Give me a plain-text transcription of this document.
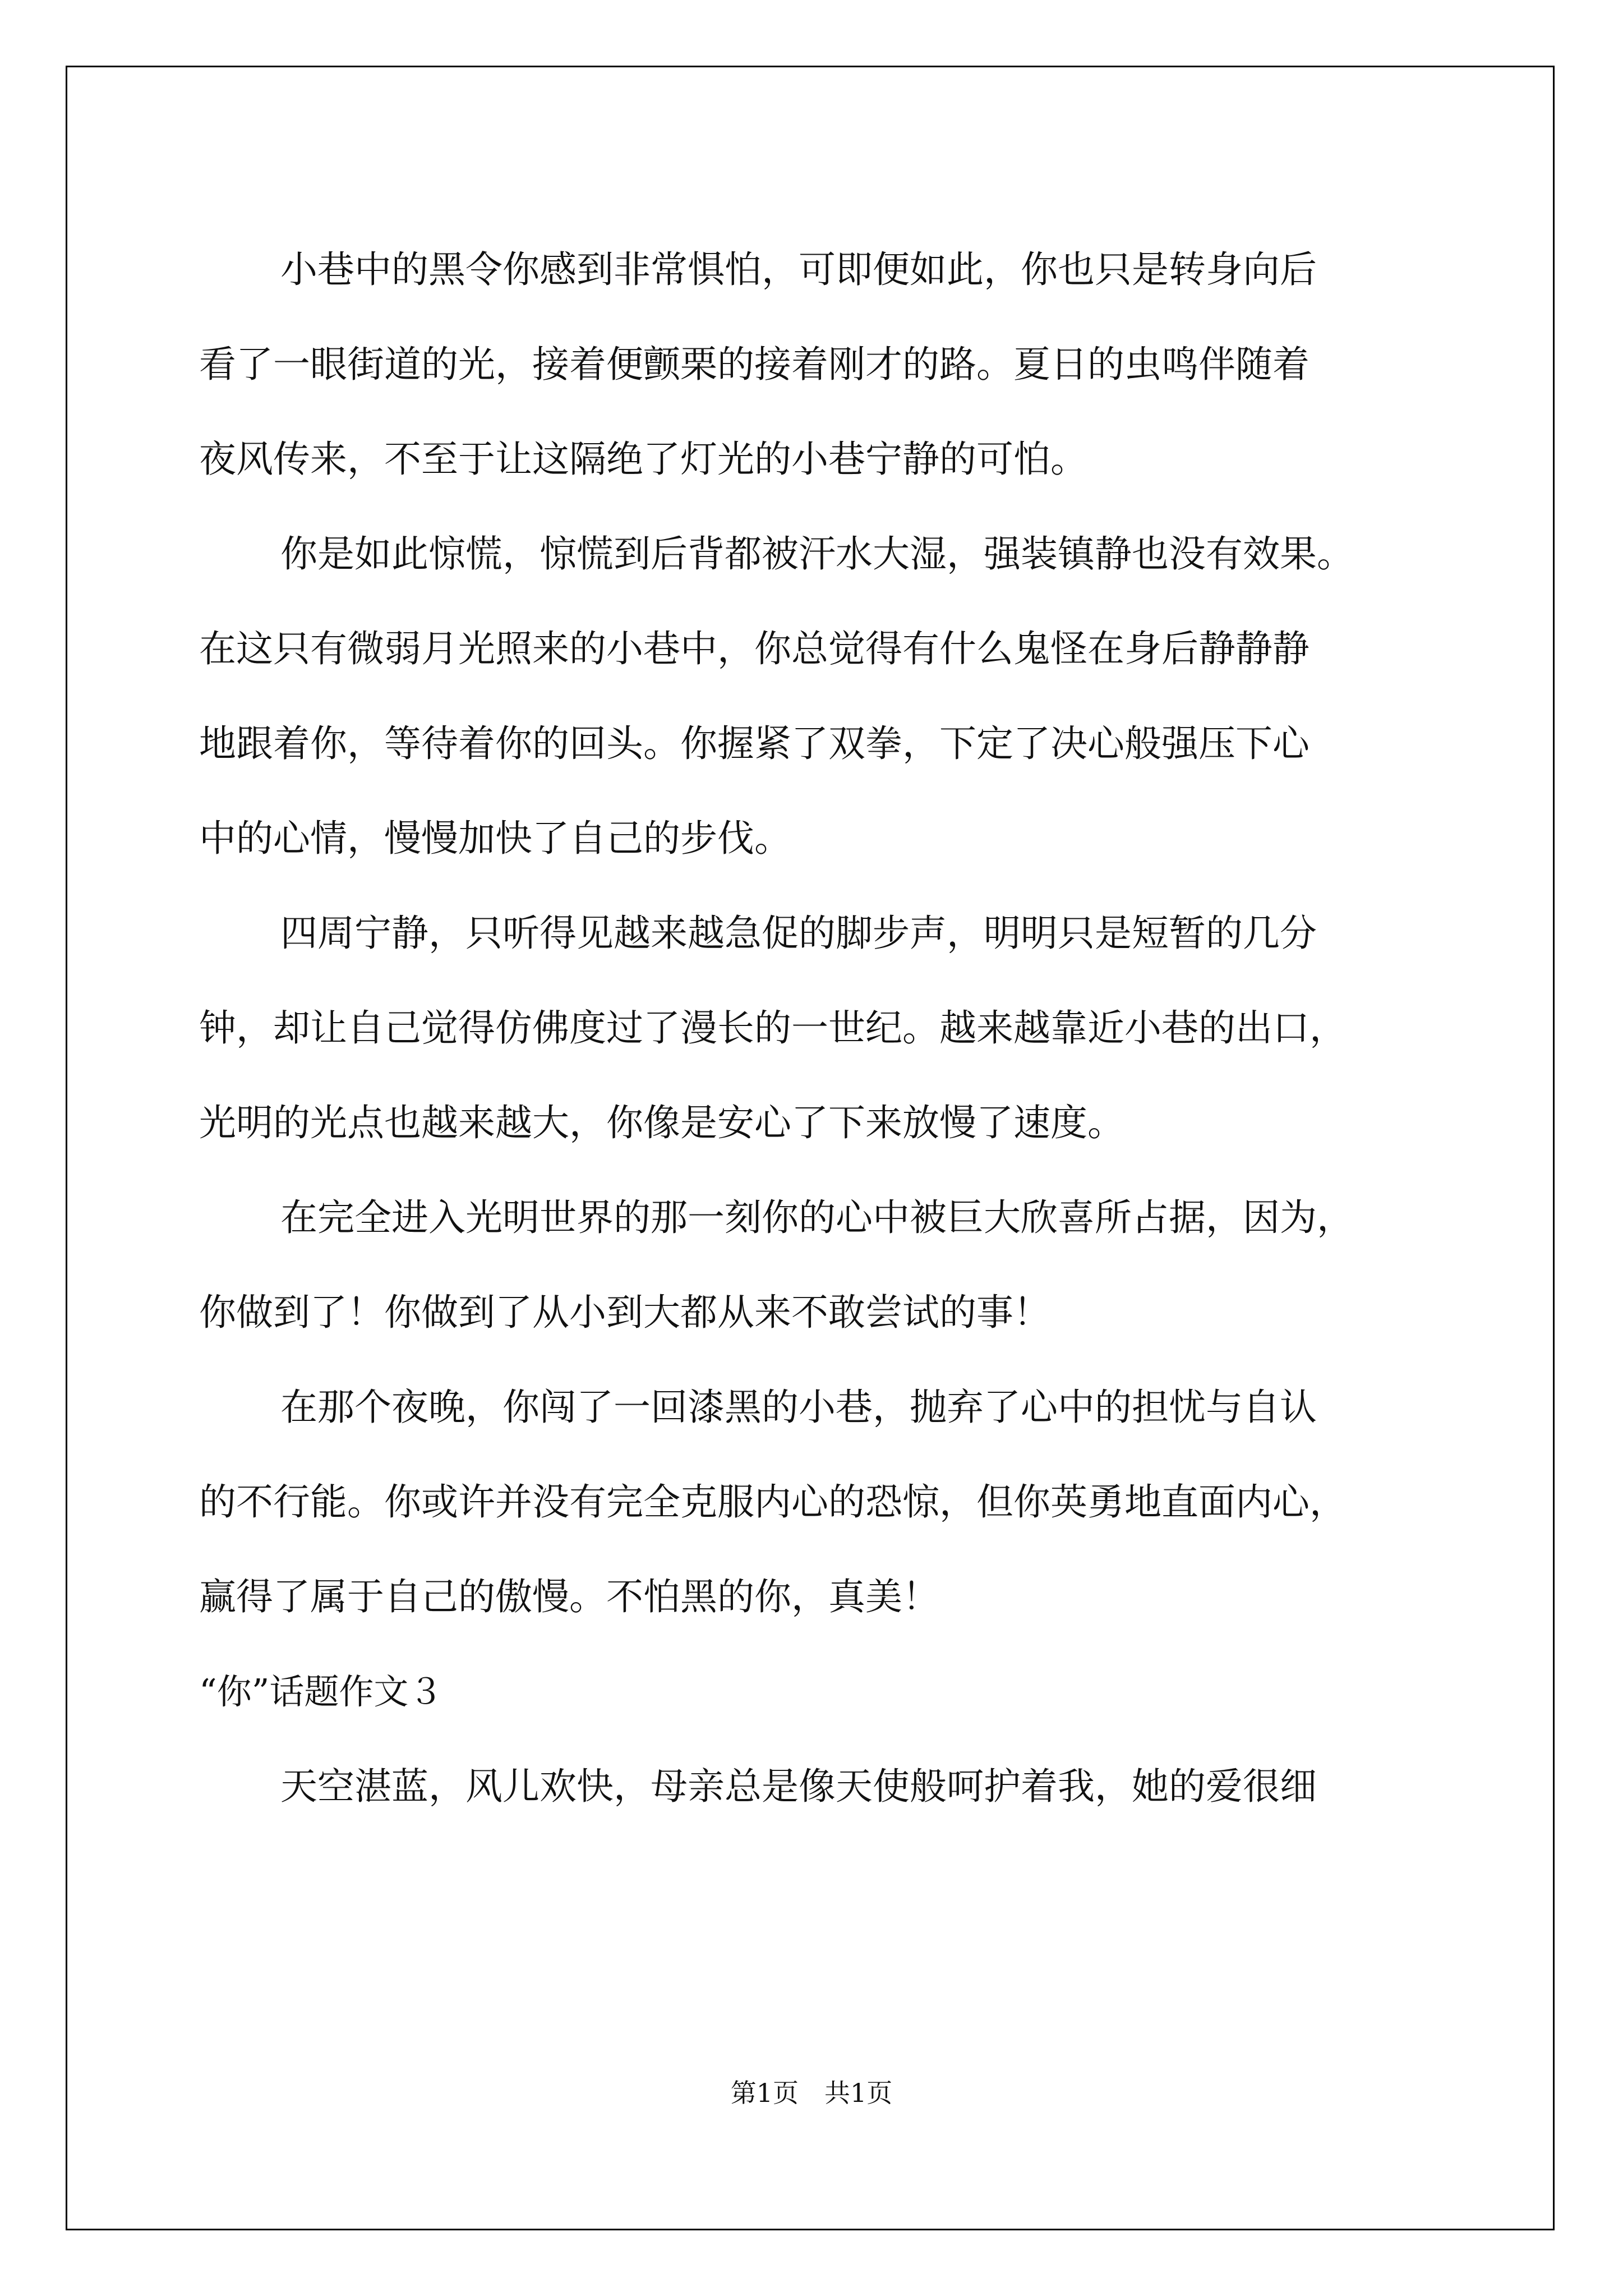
小巷中的黑令你感到非常惧怕，可即便如此，你也只是转身向后
看了一眼街道的光，接着便颤栗的接着刚才的路。夏日的虫鸣伴随着
夜风传来，不至于让这隔绝了灯光的小巷宁静的可怕。
你是如此惊慌，惊慌到后背都被汗水大湿，强装镇静也没有效果。
在这只有微弱月光照来的小巷中，你总觉得有什么鬼怪在身后静静静
地跟着你，等待着你的回头。你握紧了双拳，下定了决心般强压下心
中的心情，慢慢加快了自己的步伐。
四周宁静，只听得见越来越急促的脚步声，明明只是短暂的几分
钟，却让自己觉得仿佛度过了漫长的一世纪。越来越靠近小巷的出口，
光明的光点也越来越大，你像是安心了下来放慢了速度。
在完全进入光明世界的那一刻你的心中被巨大欣喜所占据，因为，
你做到了！你做到了从小到大都从来不敢尝试的事！
在那个夜晚，你闯了一回漆黑的小巷，抛弃了心中的担忧与自认
的不行能。你或许并没有完全克服内心的恐惊，但你英勇地直面内心，
赢得了属于自己的傲慢。不怕黑的你，真美！
“你”话题作文３
天空湛蓝，风儿欢快，母亲总是像天使般呵护着我，她的爱很细
第1页 共1页
